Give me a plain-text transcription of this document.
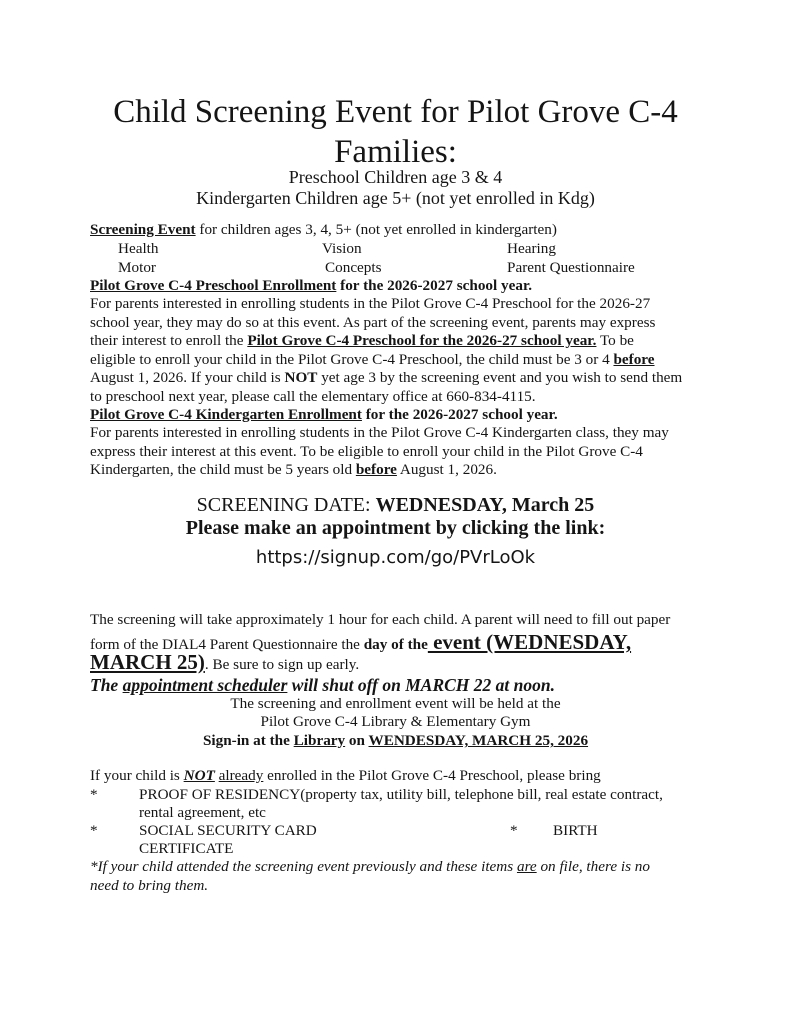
Child Screening Event for Pilot Grove C-4
Families:
Preschool Children age 3 & 4
Kindergarten Children age 5+ (not yet enrolled in Kdg)
Screening Event for children ages 3, 4, 5+ (not yet enrolled in kindergarten)
Health	Vision	Hearing
Motor	Concepts	Parent Questionnaire
Pilot Grove C-4 Preschool Enrollment for the 2026-2027 school year.
For parents interested in enrolling students in the Pilot Grove C-4 Preschool for the 2026-27
school year, they may do so at this event. As part of the screening event, parents may express
their interest to enroll the Pilot Grove C-4 Preschool for the 2026-27 school year. To be
eligible to enroll your child in the Pilot Grove C-4 Preschool, the child must be 3 or 4 before
August 1, 2026. If your child is NOT yet age 3 by the screening event and you wish to send them
to preschool next year, please call the elementary office at 660-834-4115.
Pilot Grove C-4 Kindergarten Enrollment for the 2026-2027 school year.
For parents interested in enrolling students in the Pilot Grove C-4 Kindergarten class, they may
express their interest at this event. To be eligible to enroll your child in the Pilot Grove C-4
Kindergarten, the child must be 5 years old before August 1, 2026.
SCREENING DATE: WEDNESDAY, March 25
Please make an appointment by clicking the link:
https://signup.com/go/PVrLoOk
The screening will take approximately 1 hour for each child. A parent will need to fill out paper
form of the DIAL4 Parent Questionnaire the day of the event (WEDNESDAY,
MARCH 25). Be sure to sign up early.
The appointment scheduler will shut off on MARCH 22 at noon.
The screening and enrollment event will be held at the
Pilot Grove C-4 Library & Elementary Gym
Sign-in at the Library on WENDESDAY, MARCH 25, 2026
If your child is NOT already enrolled in the Pilot Grove C-4 Preschool, please bring
*	PROOF OF RESIDENCY(property tax, utility bill, telephone bill, real estate contract,
rental agreement, etc
*	SOCIAL SECURITY CARD	* BIRTH
CERTIFICATE
*If your child attended the screening event previously and these items are on file, there is no
need to bring them.
